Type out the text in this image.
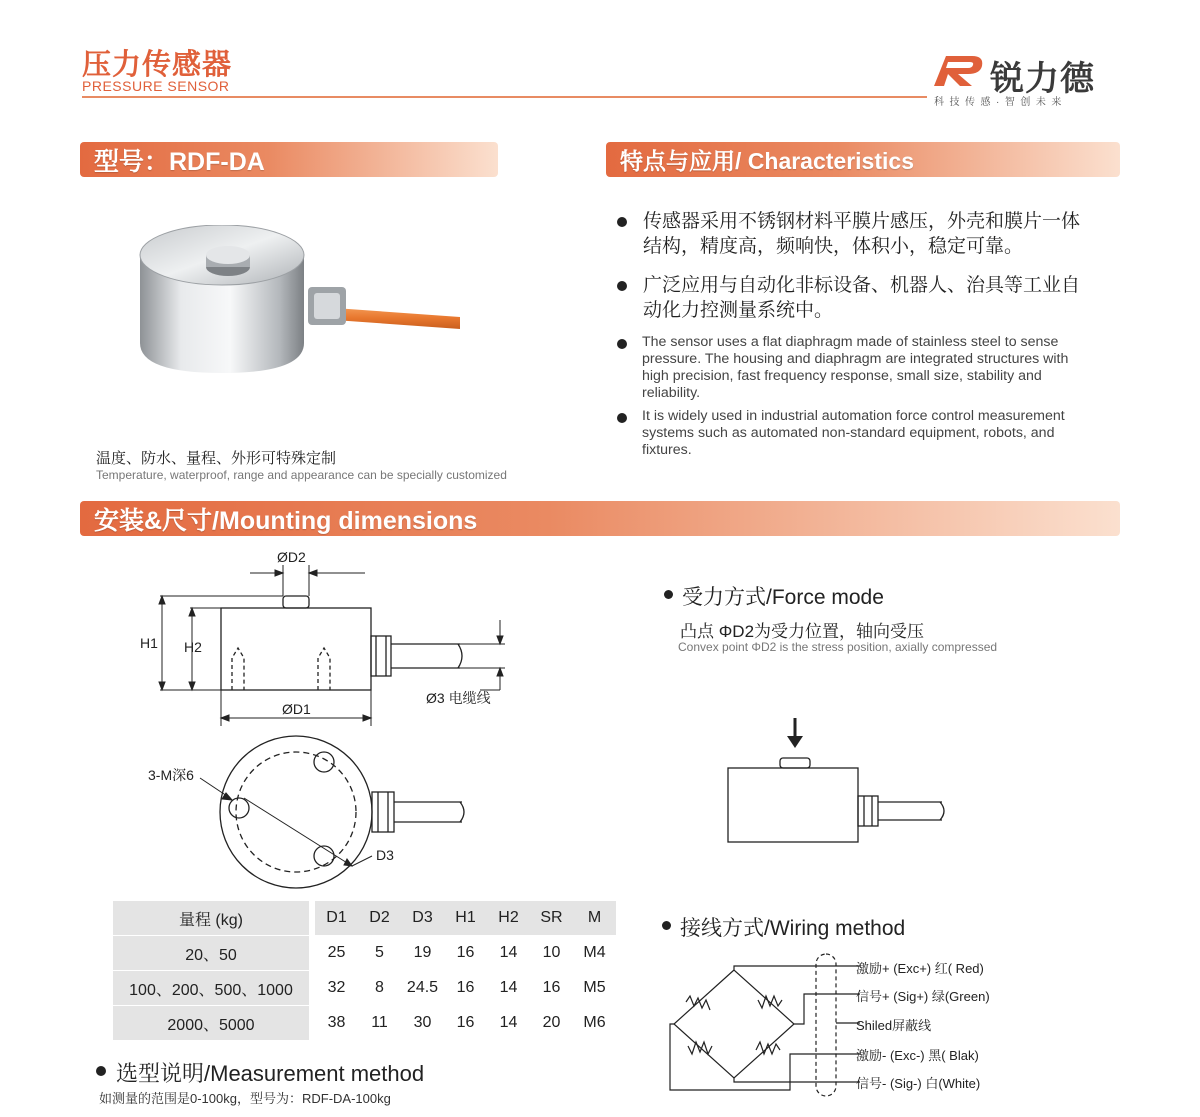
压力传感器
PRESSURE SENSOR	锐力德
科技传感·智创未来
型号：RDF-DA	特点与应用/ Characteristics
温度、防水、量程、外形可特殊定制
Temperature, waterproof, range and appearance can be specially customized
传感器采用不锈钢材料平膜片感压，外壳和膜片一体结构，精度高，频响快，体积小，稳定可靠。
广泛应用与自动化非标设备、机器人、治具等工业自动化力控测量系统中。
The sensor uses a flat diaphragm made of stainless steel to sense pressure. The housing and diaphragm are integrated structures with high precision, fast frequency response, small size, stability and reliability.
It is widely used in industrial automation force control measurement systems such as automated non-standard equipment, robots, and fixtures.
安装&尺寸/Mounting dimensions
ØD2
H1 H2
ØD1
Ø3 电缆线
3-M深6
D3
受力方式/Force mode
凸点 ΦD2为受力位置，轴向受压
Convex point ΦD2 is the stress position, axially compressed
量程 (kg)		D1	D2	D3	H1	H2	SR	M
20、50		25	5	19	16	14	10	M4
100、200、500、1000		32	8	24.5	16	14	16	M5
2000、5000		38	11	30	16	14	20	M6
选型说明/Measurement method
如测量的范围是0-100kg，型号为：RDF-DA-100kg
接线方式/Wiring method
激励+ (Exc+) 红( Red)
信号+ (Sig+) 绿(Green)
Shiled屏蔽线
激励- (Exc-) 黑( Blak)
信号- (Sig-) 白(White)
